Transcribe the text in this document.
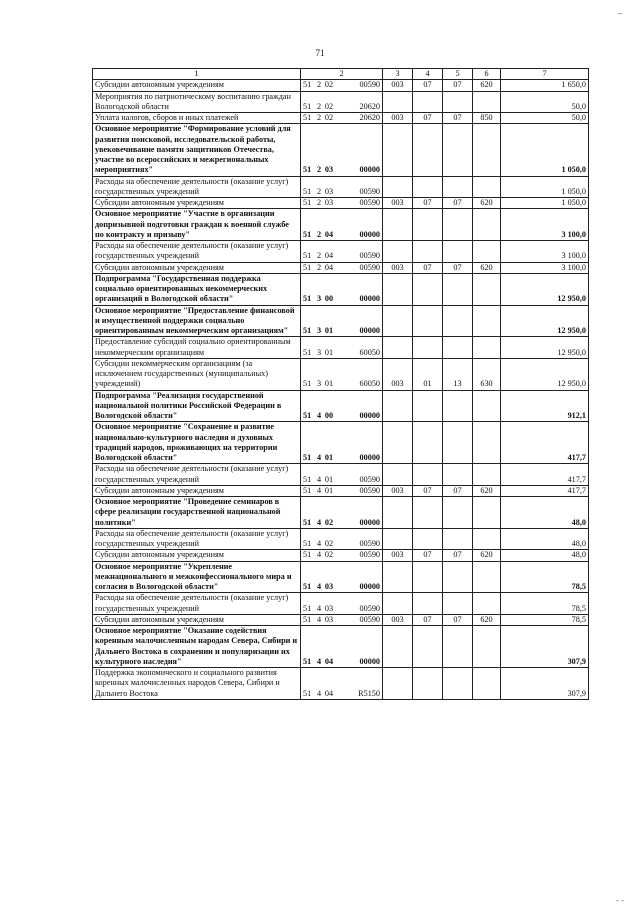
–
71
1	2	3	4	5	6	7
Субсидии автономным учреждениям	51 2 02 00590	003	07	07	620	1 650,0
Мероприятия по патриотическому воспитанию граждан Вологодской области	51 2 02 20620					50,0
Уплата налогов, сборов и иных платежей	51 2 02 20620	003	07	07	850	50,0
Основное мероприятие "Формирование условий для развития поисковой, исследовательской работы, увековечивание памяти защитников Отечества, участие во всероссийских и межрегиональных мероприятиях"	51 2 03 00000					1 050,0
Расходы на обеспечение деятельности (оказание услуг) государственных учреждений	51 2 03 00590					1 050,0
Субсидии автономным учреждениям	51 2 03 00590	003	07	07	620	1 050,0
Основное мероприятие "Участие в организации допризывной подготовки граждан к военной службе по контракту и призыву"	51 2 04 00000					3 100,0
Расходы на обеспечение деятельности (оказание услуг) государственных учреждений	51 2 04 00590					3 100,0
Субсидии автономным учреждениям	51 2 04 00590	003	07	07	620	3 100,0
Подпрограмма "Государственная поддержка социально ориентированных некоммерческих организаций в Вологодской области"	51 3 00 00000					12 950,0
Основное мероприятие "Предоставление финансовой и имущественной поддержки социально ориентированным некоммерческим организациям"	51 3 01 00000					12 950,0
Предоставление субсидий социально ориентированным некоммерческим организациям	51 3 01 60050					12 950,0
Субсидии некоммерческим организациям (за исключением государственных (муниципальных) учреждений)	51 3 01 60050	003	01	13	630	12 950,0
Подпрограмма "Реализация государственной национальной политики Российской Федерации в Вологодской области"	51 4 00 00000					912,1
Основное мероприятие "Сохранение и развитие национально-культурного наследия и духовных традиций народов, проживающих на территории Вологодской области"	51 4 01 00000					417,7
Расходы на обеспечение деятельности (оказание услуг) государственных учреждений	51 4 01 00590					417,7
Субсидии автономным учреждениям	51 4 01 00590	003	07	07	620	417,7
Основное мероприятие "Проведение семинаров в сфере реализации государственной национальной политики"	51 4 02 00000					48,0
Расходы на обеспечение деятельности (оказание услуг) государственных учреждений	51 4 02 00590					48,0
Субсидии автономным учреждениям	51 4 02 00590	003	07	07	620	48,0
Основное мероприятие "Укрепление межнационального и межконфессионального мира и согласия в Вологодской области"	51 4 03 00000					78,5
Расходы на обеспечение деятельности (оказание услуг) государственных учреждений	51 4 03 00590					78,5
Субсидии автономным учреждениям	51 4 03 00590	003	07	07	620	78,5
Основное мероприятие "Оказание содействия коренным малочисленным народам Севера, Сибири и Дальнего Востока в сохранении и популяризации их культурного наследия"	51 4 04 00000					307,9
Поддержка экономического и социального развития коренных малочисленных народов Севера, Сибири и Дальнего Востока	51 4 04 R5150					307,9
- -
